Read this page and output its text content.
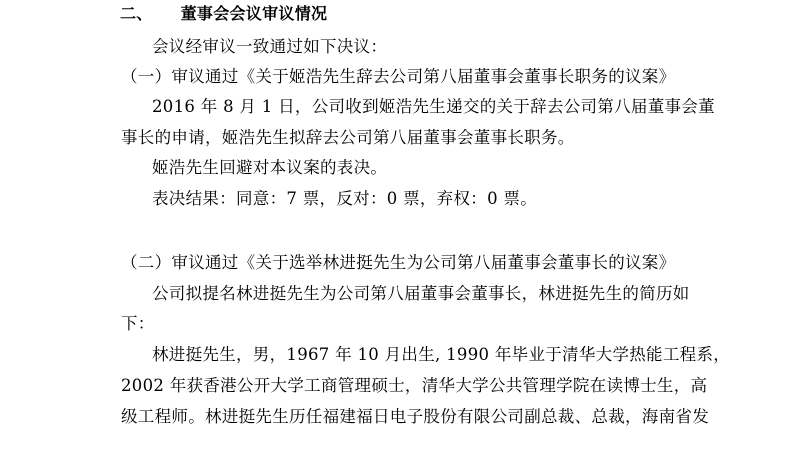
二、 董事会会议审议情况
会议经审议一致通过如下决议：
（一）审议通过《关于姬浩先生辞去公司第八届董事会董事长职务的议案》
2016 年 8 月 1 日，公司收到姬浩先生递交的关于辞去公司第八届董事会董
事长的申请，姬浩先生拟辞去公司第八届董事会董事长职务。
姬浩先生回避对本议案的表决。
表决结果：同意：7 票，反对：0 票，弃权：0 票。
（二）审议通过《关于选举林进挺先生为公司第八届董事会董事长的议案》
公司拟提名林进挺先生为公司第八届董事会董事长，林进挺先生的简历如
下：
林进挺先生，男，1967 年 10 月出生, 1990 年毕业于清华大学热能工程系，
2002 年获香港公开大学工商管理硕士，清华大学公共管理学院在读博士生，高
级工程师。林进挺先生历任福建福日电子股份有限公司副总裁、总裁，海南省发
